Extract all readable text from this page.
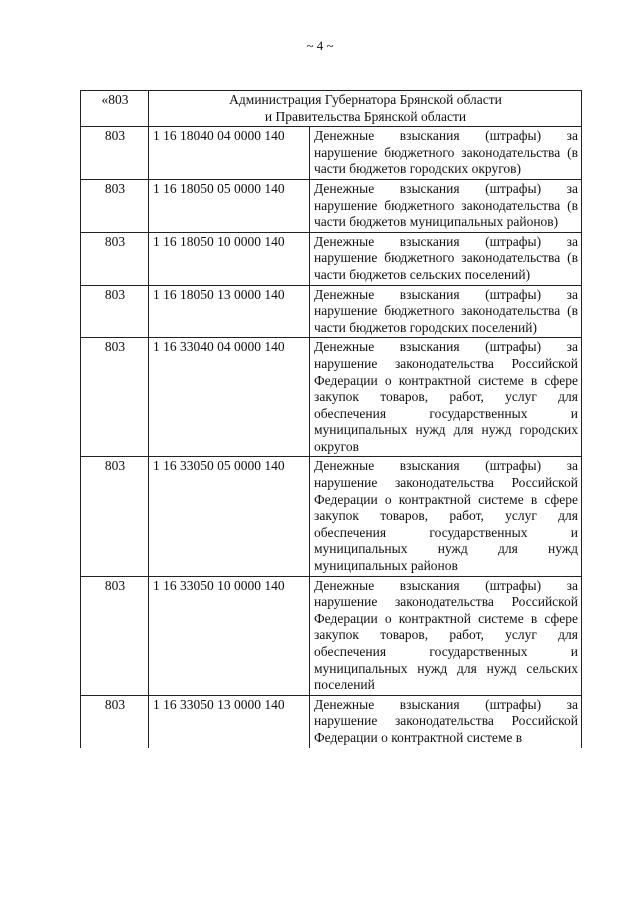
~ 4 ~
«803	Администрация Губернатора Брянской области
и Правительства Брянской области	

803	1 16 18040 04 0000 140	Денежные взыскания (штрафы) за нарушение бюджетного законодательства (в части бюджетов городских округов)
803	1 16 18050 05 0000 140	Денежные взыскания (штрафы) за нарушение бюджетного законодательства (в части бюджетов муниципальных районов)
803	1 16 18050 10 0000 140	Денежные взыскания (штрафы) за нарушение бюджетного законодательства (в части бюджетов сельских поселений)
803	1 16 18050 13 0000 140	Денежные взыскания (штрафы) за нарушение бюджетного законодательства (в части бюджетов городских поселений)
803	1 16 33040 04 0000 140	Денежные взыскания (штрафы) за нарушение законодательства Российской Федерации о контрактной системе в сфере закупок товаров, работ, услуг для обеспечения государственных и муниципальных нужд для нужд городских округов
803	1 16 33050 05 0000 140	Денежные взыскания (штрафы) за нарушение законодательства Российской Федерации о контрактной системе в сфере закупок товаров, работ, услуг для обеспечения государственных и муниципальных нужд для нужд муниципальных районов
803	1 16 33050 10 0000 140	Денежные взыскания (штрафы) за нарушение законодательства Российской Федерации о контрактной системе в сфере закупок товаров, работ, услуг для обеспечения государственных и муниципальных нужд для нужд сельских поселений
803	1 16 33050 13 0000 140	Денежные взыскания (штрафы) за нарушение законодательства Российской Федерации о контрактной системе в
